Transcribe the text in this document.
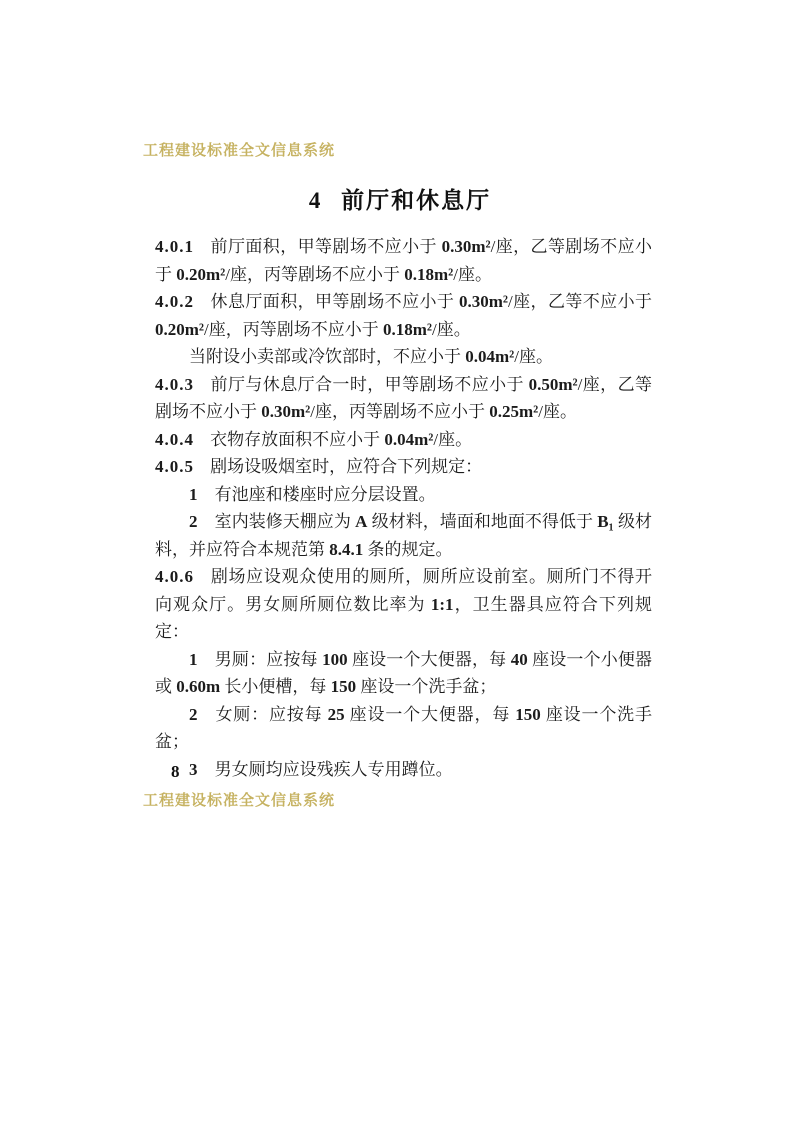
工程建设标准全文信息系统
4 前厅和休息厅

4.0.1 前厅面积，甲等剧场不应小于 0.30m²/座，乙等剧场不应小于 0.20m²/座，丙等剧场不应小于 0.18m²/座。

4.0.2 休息厅面积，甲等剧场不应小于 0.30m²/座，乙等不应小于 0.20m²/座，丙等剧场不应小于 0.18m²/座。

当附设小卖部或冷饮部时，不应小于 0.04m²/座。

4.0.3 前厅与休息厅合一时，甲等剧场不应小于 0.50m²/座，乙等剧场不应小于 0.30m²/座，丙等剧场不应小于 0.25m²/座。

4.0.4 衣物存放面积不应小于 0.04m²/座。

4.0.5 剧场设吸烟室时，应符合下列规定：

1 有池座和楼座时应分层设置。

2 室内装修天棚应为 A 级材料，墙面和地面不得低于 B₁ 级材料，并应符合本规范第 8.4.1 条的规定。

4.0.6 剧场应设观众使用的厕所，厕所应设前室。厕所门不得开向观众厅。男女厕所厕位数比率为 1:1，卫生器具应符合下列规定：

1 男厕：应按每 100 座设一个大便器，每 40 座设一个小便器或 0.60m 长小便槽，每 150 座设一个洗手盆；

2 女厕：应按每 25 座设一个大便器，每 150 座设一个洗手盆；

3 男女厕均应设残疾人专用蹲位。

8
工程建设标准全文信息系统
